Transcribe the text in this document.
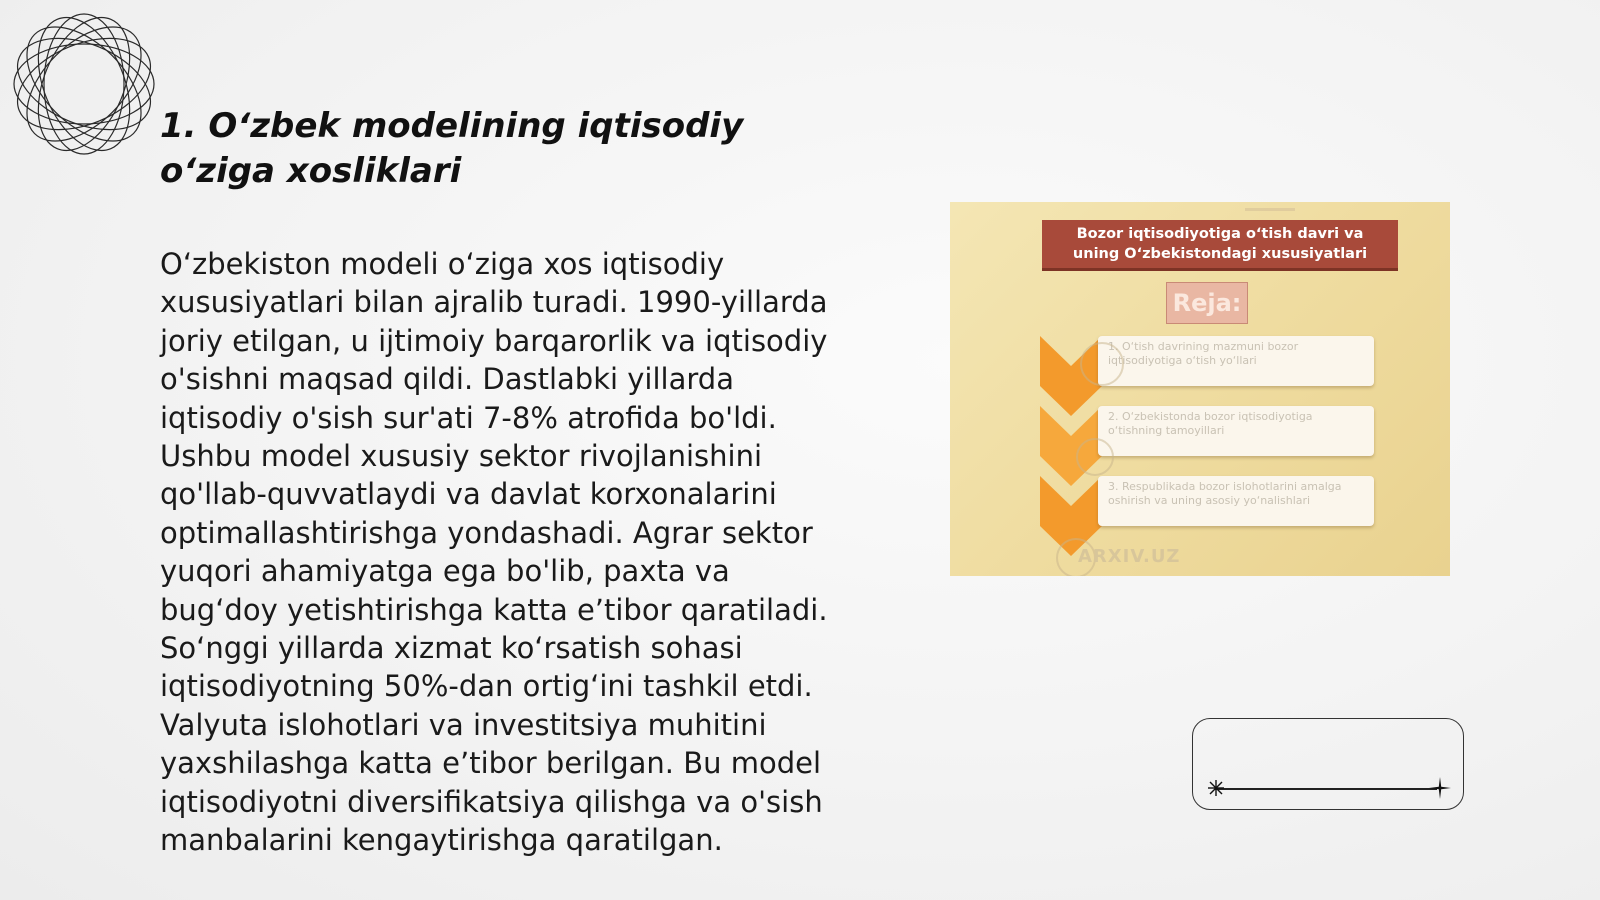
1. O‘zbek modelining iqtisodiy o‘ziga xosliklari

O‘zbekiston modeli o‘ziga xos iqtisodiy xususiyatlari bilan ajralib turadi. 1990-yillarda joriy etilgan, u ijtimoiy barqarorlik va iqtisodiy o'sishni maqsad qildi. Dastlabki yillarda iqtisodiy o'sish sur'ati 7-8% atrofida bo'ldi. Ushbu model xususiy sektor rivojlanishini qo'llab-quvvatlaydi va davlat korxonalarini optimallashtirishga yondashadi. Agrar sektor yuqori ahamiyatga ega bo'lib, paxta va bug‘doy yetishtirishga katta e’tibor qaratiladi. So‘nggi yillarda xizmat ko‘rsatish sohasi iqtisodiyotning 50%-dan ortig‘ini tashkil etdi. Valyuta islohotlari va investitsiya muhitini yaxshilashga katta e’tibor berilgan. Bu model iqtisodiyotni diversifikatsiya qilishga va o'sish manbalarini kengaytirishga qaratilgan.

Bozor iqtisodiyotiga o‘tish davri va
uning O‘zbekistondagi xususiyatlari
Reja:
1. O‘tish davrining mazmuni bozor iqtisodiyotiga o‘tish yo‘llari
2. O‘zbekistonda bozor iqtisodiyotiga o‘tishning tamoyillari
3. Respublikada bozor islohotlarini amalga oshirish va uning asosiy yo‘nalishlari
ARXIV.UZ
